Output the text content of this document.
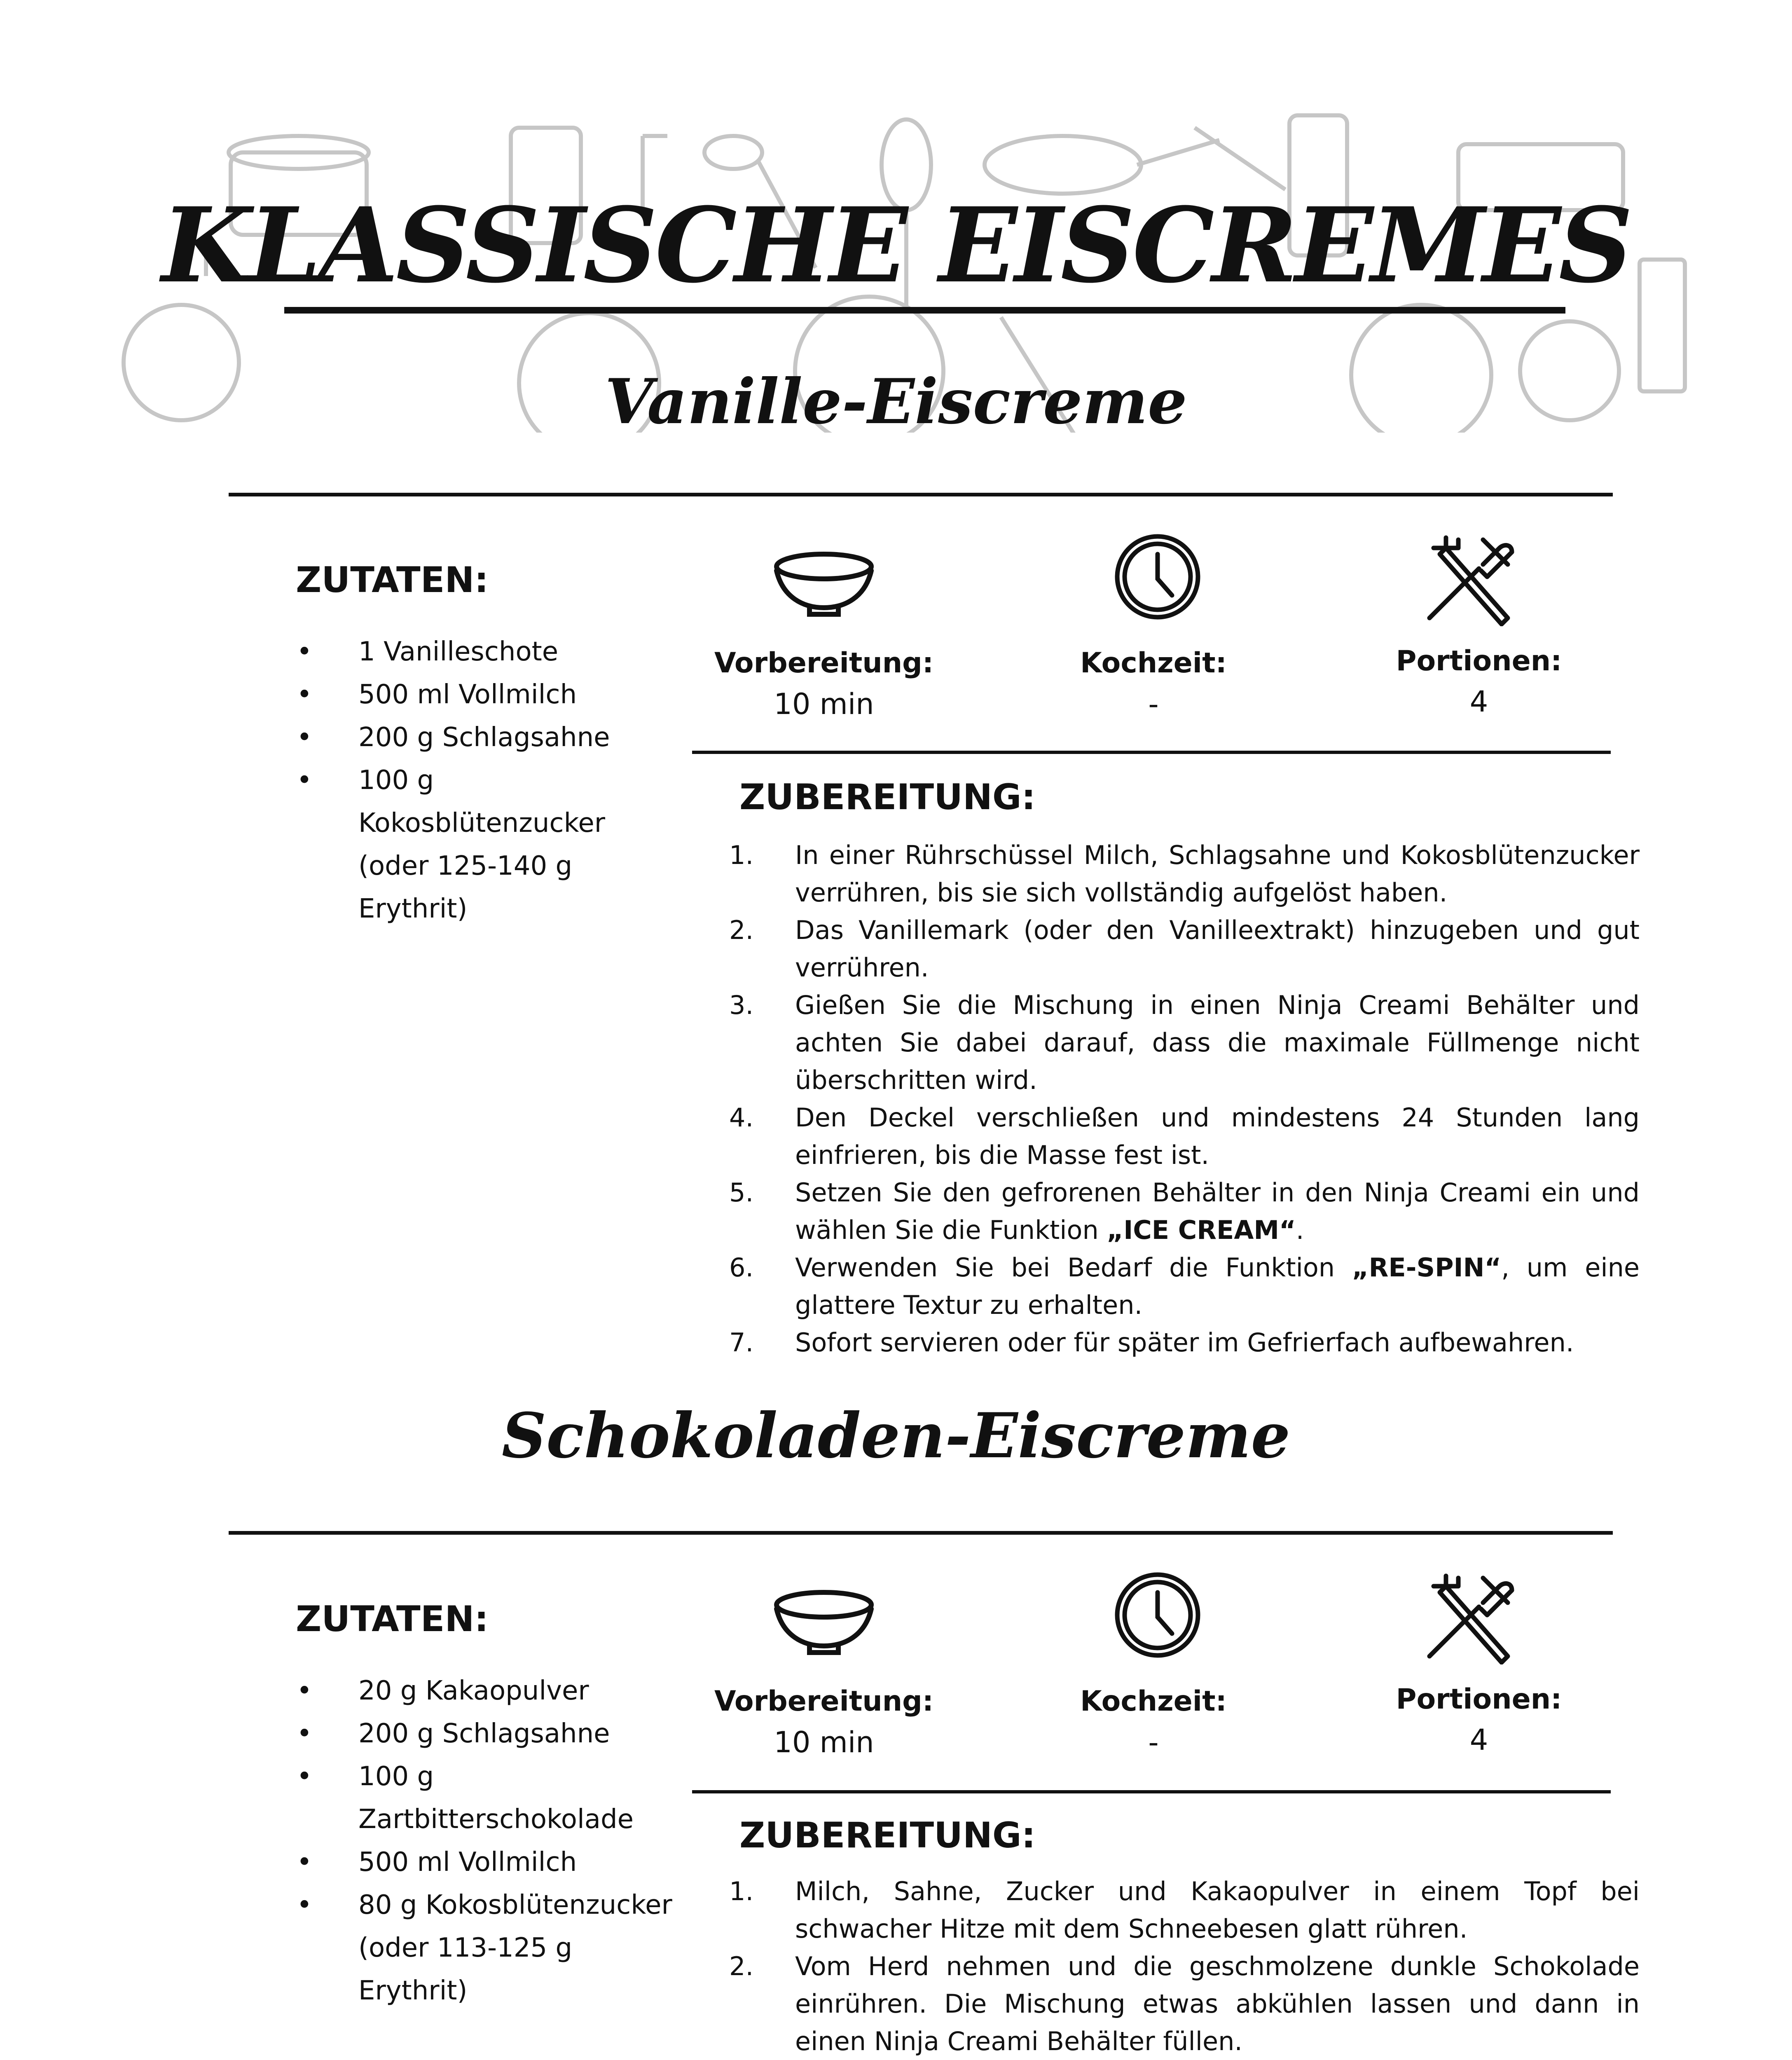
KLASSISCHE EISCREMES
Vanille-Eiscreme
ZUTATEN:
• 1 Vanilleschote
• 500 ml Vollmilch
• 200 g Schlagsahne
• 100 g Kokosblütenzucker (oder 125-140 g Erythrit)
Vorbereitung:
10 min
Kochzeit:
-
Portionen:
4
ZUBEREITUNG:
1. In einer Rührschüssel Milch, Schlagsahne und Kokosblütenzucker verrühren, bis sie sich vollständig aufgelöst haben.
2. Das Vanillemark (oder den Vanilleextrakt) hinzugeben und gut verrühren.
3. Gießen Sie die Mischung in einen Ninja Creami Behälter und achten Sie dabei darauf, dass die maximale Füllmenge nicht überschritten wird.
4. Den Deckel verschließen und mindestens 24 Stunden lang einfrieren, bis die Masse fest ist.
5. Setzen Sie den gefrorenen Behälter in den Ninja Creami ein und wählen Sie die Funktion „ICE CREAM“.
6. Verwenden Sie bei Bedarf die Funktion „RE-SPIN“, um eine glattere Textur zu erhalten.
7. Sofort servieren oder für später im Gefrierfach aufbewahren.
Schokoladen-Eiscreme
ZUTATEN:
• 20 g Kakaopulver
• 200 g Schlagsahne
• 100 g Zartbitterschokolade
• 500 ml Vollmilch
• 80 g Kokosblütenzucker (oder 113-125 g Erythrit)
Vorbereitung:
10 min
Kochzeit:
-
Portionen:
4
ZUBEREITUNG:
1. Milch, Sahne, Zucker und Kakaopulver in einem Topf bei schwacher Hitze mit dem Schneebesen glatt rühren.
2. Vom Herd nehmen und die geschmolzene dunkle Schokolade einrühren. Die Mischung etwas abkühlen lassen und dann in einen Ninja Creami Behälter füllen.
